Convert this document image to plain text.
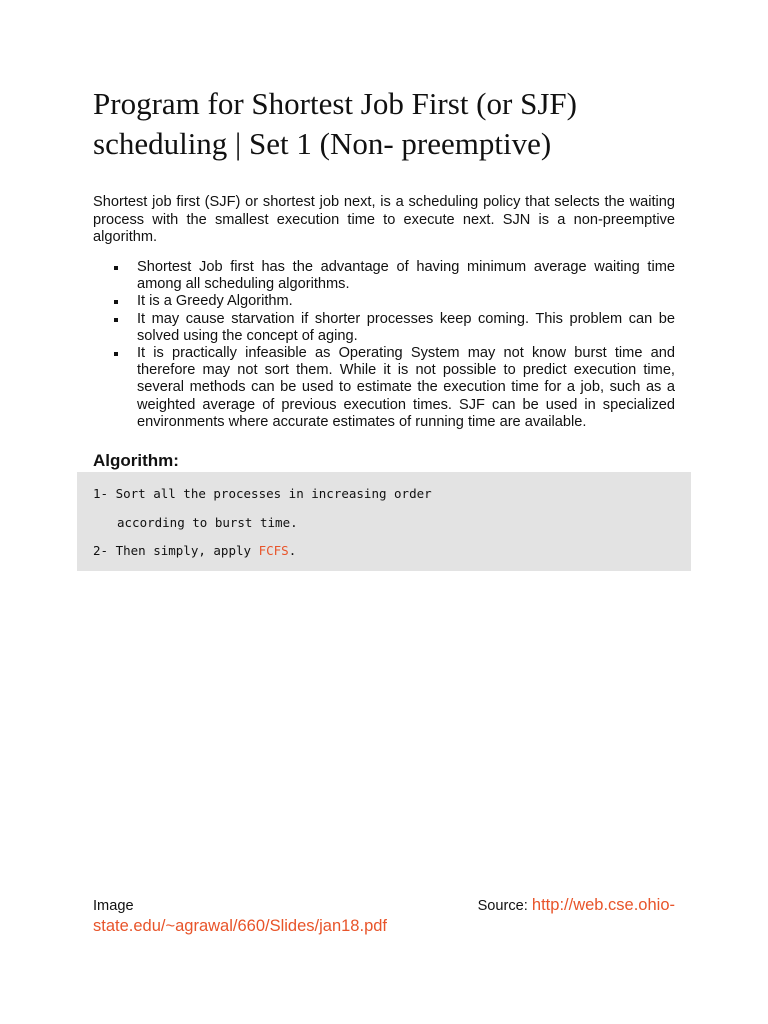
Program for Shortest Job First (or SJF) scheduling | Set 1 (Non- preemptive)

Shortest job first (SJF) or shortest job next, is a scheduling policy that selects the waiting process with the smallest execution time to execute next. SJN is a non-preemptive algorithm.

Shortest Job first has the advantage of having minimum average waiting time among all scheduling algorithms.
It is a Greedy Algorithm.
It may cause starvation if shorter processes keep coming. This problem can be solved using the concept of aging.
It is practically infeasible as Operating System may not know burst time and therefore may not sort them. While it is not possible to predict execution time, several methods can be used to estimate the execution time for a job, such as a weighted average of previous execution times. SJF can be used in specialized environments where accurate estimates of running time are available.
Algorithm:
1- Sort all the processes in increasing order
according to burst time.
2- Then simply, apply FCFS.
Image	Source: http://web.cse.ohio-
state.edu/~agrawal/660/Slides/jan18.pdf
